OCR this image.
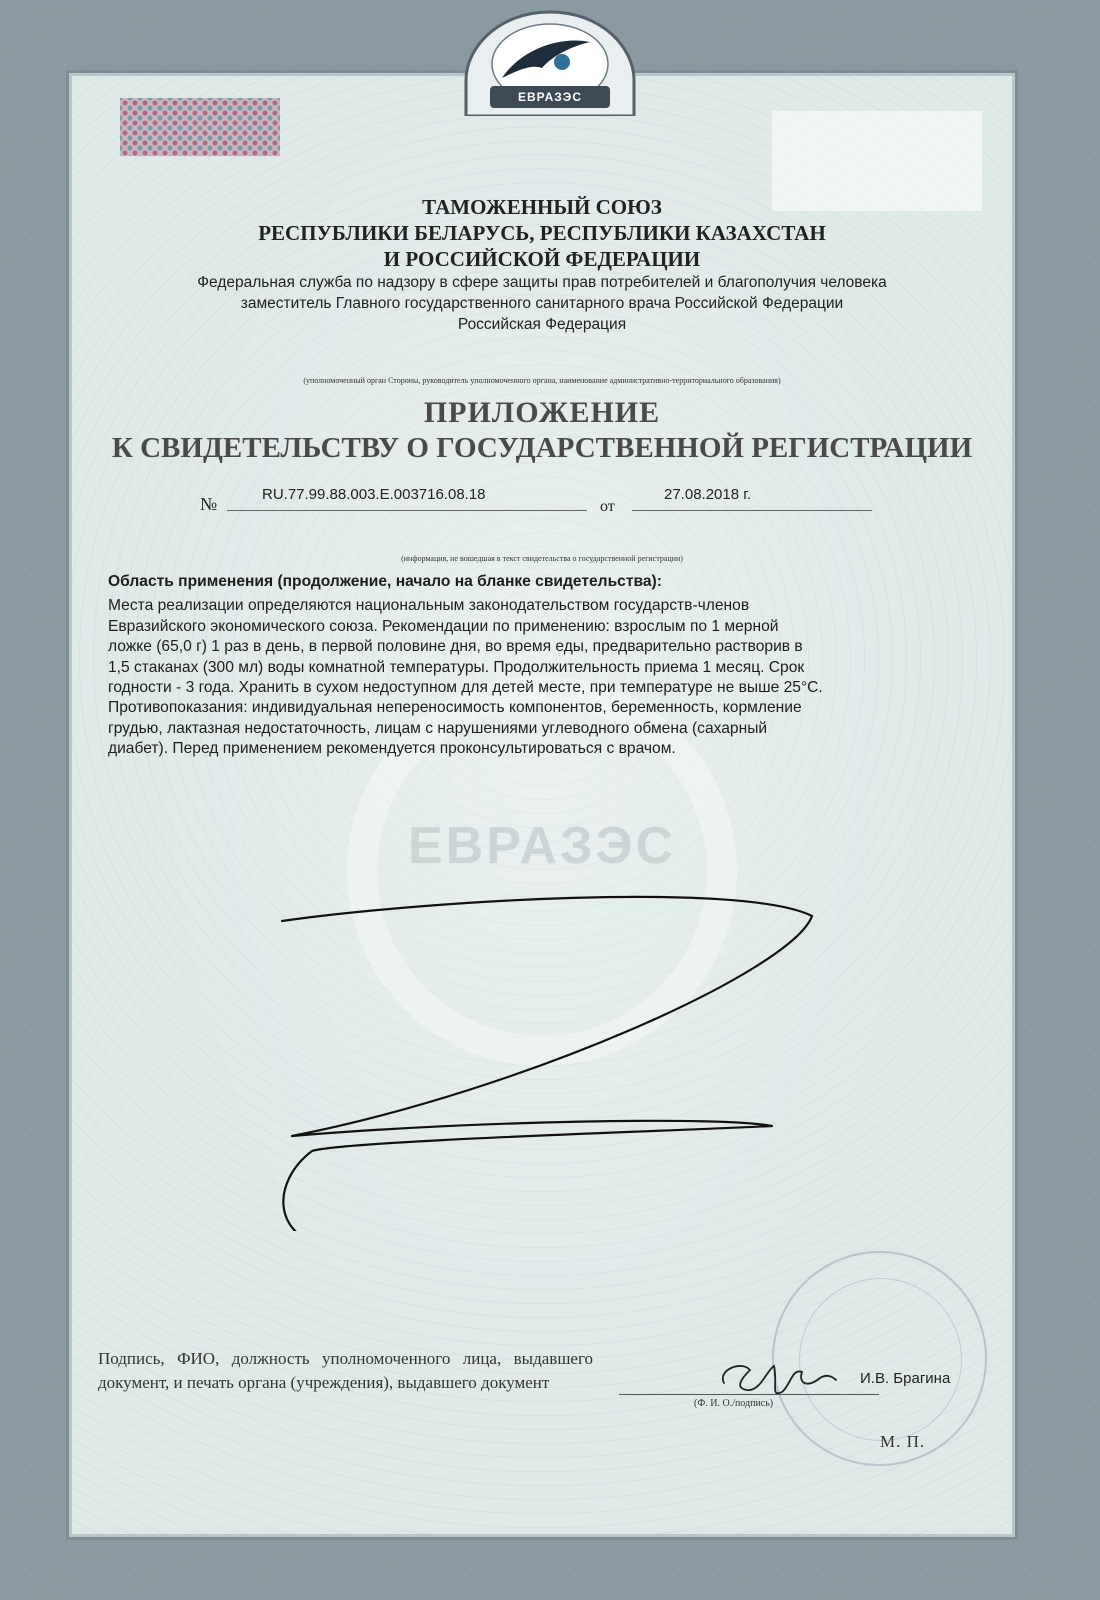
ЕВРАЗЭС
ТАМОЖЕННЫЙ СОЮЗ
РЕСПУБЛИКИ БЕЛАРУСЬ, РЕСПУБЛИКИ КАЗАХСТАН
И РОССИЙСКОЙ ФЕДЕРАЦИИ
Федеральная служба по надзору в сфере защиты прав потребителей и благополучия человека
заместитель Главного государственного санитарного врача Российской Федерации
Российская Федерация
(уполномоченный орган Стороны, руководитель уполномоченного органа, наименование административно-территориального образования)
ПРИЛОЖЕНИЕ
К СВИДЕТЕЛЬСТВУ О ГОСУДАРСТВЕННОЙ РЕГИСТРАЦИИ
№	RU.77.99.88.003.E.003716.08.18
от
27.08.2018 г.
(информация, не вошедшая в текст свидетельства о государственной регистрации)
Область применения (продолжение, начало на бланке свидетельства):
Места реализации определяются национальным законодательством государств-членов
Евразийского экономического союза. Рекомендации по применению: взрослым по 1 мерной
ложке (65,0 г) 1 раз в день, в первой половине дня, во время еды, предварительно растворив в
1,5 стаканах (300 мл) воды комнатной температуры. Продолжительность приема 1 месяц. Срок
годности - 3 года. Хранить в сухом недоступном для детей месте, при температуре не выше 25°С.
Противопоказания: индивидуальная непереносимость компонентов, беременность, кормление
грудью, лактазная недостаточность, лицам с нарушениями углеводного обмена (сахарный
диабет). Перед применением рекомендуется проконсультироваться с врачом.
Подпись, ФИО, должность уполномоченного лица, выдавшего документ, и печать органа (учреждения), выдавшего документ	И.В. Брагина
(Ф. И. О./подпись)
М. П.
ЕВРАЗЭС
